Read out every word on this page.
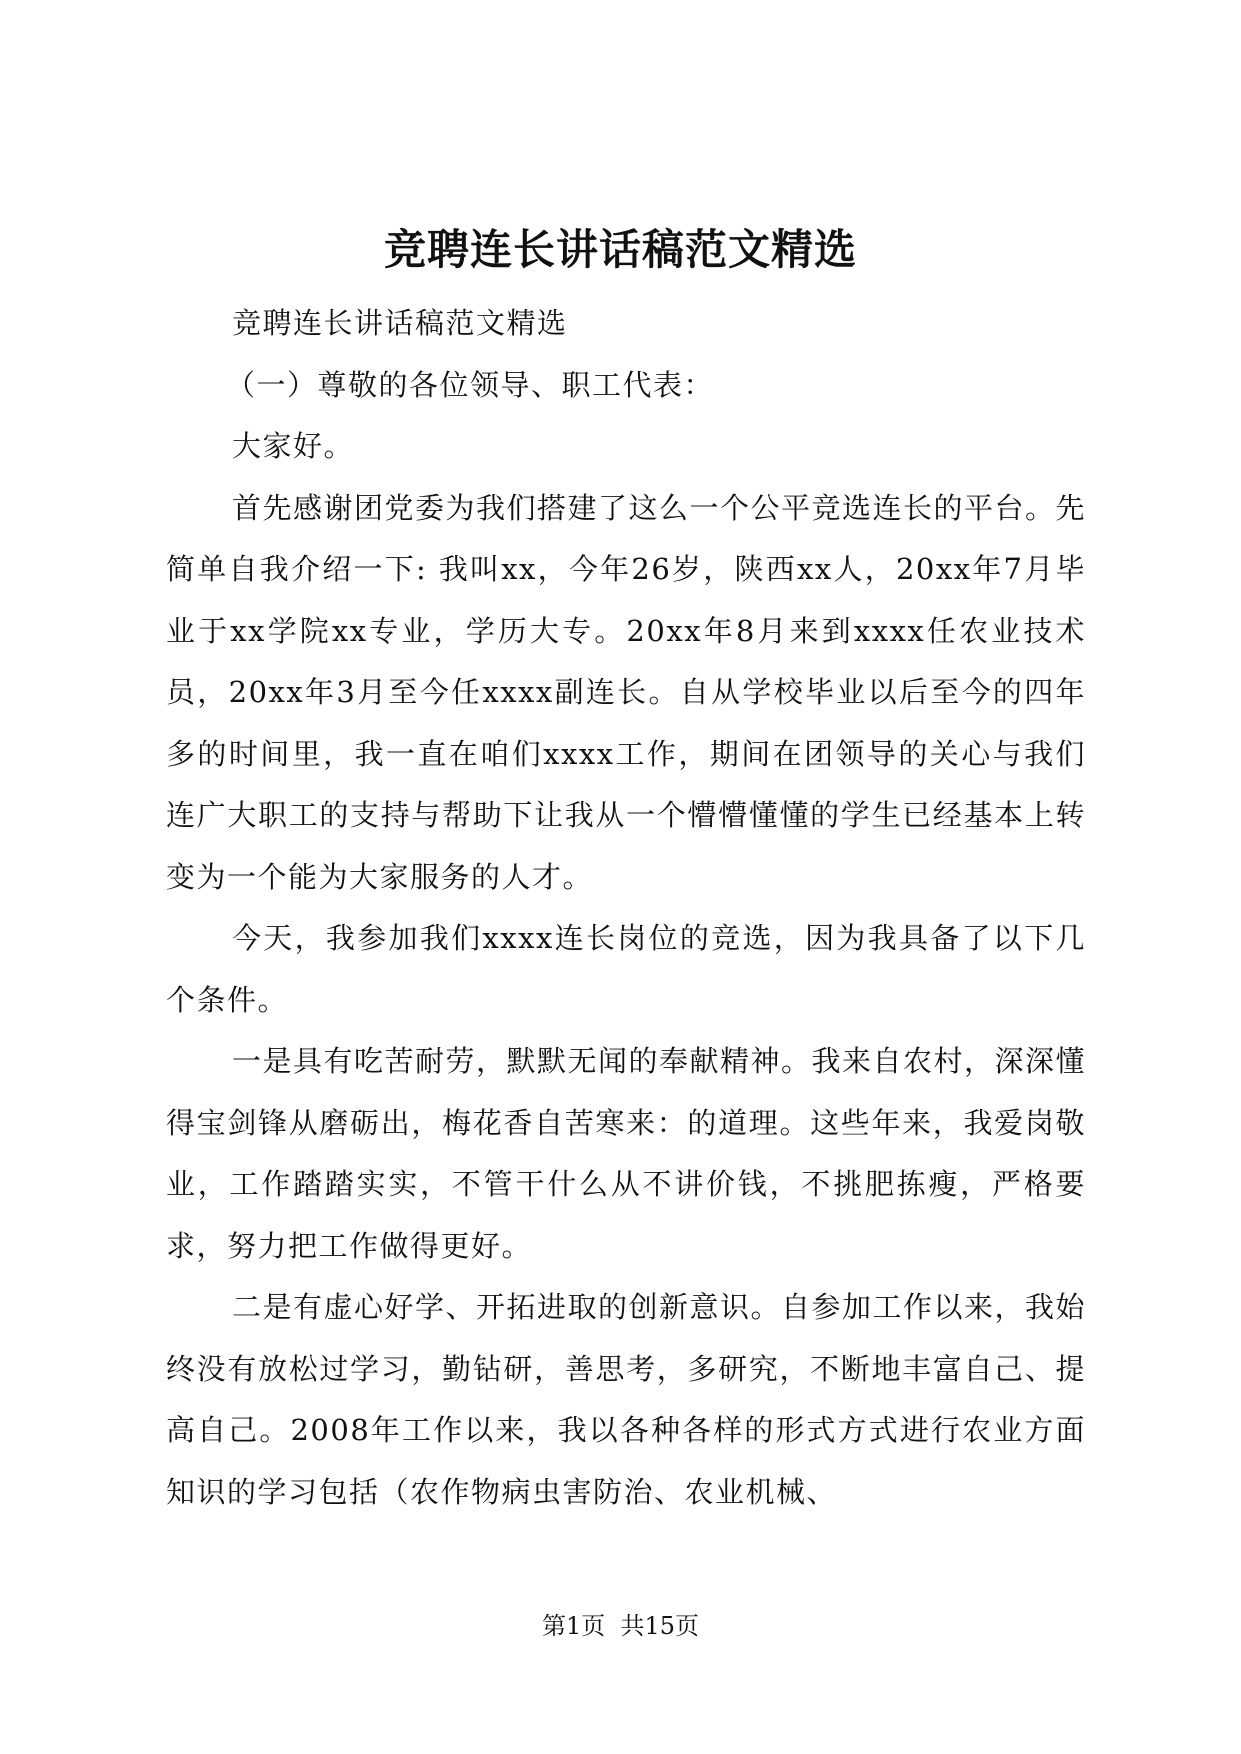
竞聘连长讲话稿范文精选

竞聘连长讲话稿范文精选

（一）尊敬的各位领导、职工代表：

大家好。

首先感谢团党委为我们搭建了这么一个公平竞选连长的平台。先简单自我介绍一下: 我叫xx，今年26岁，陕西xx人，20xx年7月毕业于xx学院xx专业，学历大专。20xx年8月来到xxxx任农业技术员，20xx年3月至今任xxxx副连长。自从学校毕业以后至今的四年多的时间里，我一直在咱们xxxx工作，期间在团领导的关心与我们连广大职工的支持与帮助下让我从一个懵懵懂懂的学生已经基本上转变为一个能为大家服务的人才。

今天，我参加我们xxxx连长岗位的竞选，因为我具备了以下几个条件。

一是具有吃苦耐劳，默默无闻的奉献精神。我来自农村，深深懂得宝剑锋从磨砺出，梅花香自苦寒来：的道理。这些年来，我爱岗敬业，工作踏踏实实，不管干什么从不讲价钱，不挑肥拣瘦，严格要求，努力把工作做得更好。

二是有虚心好学、开拓进取的创新意识。自参加工作以来，我始终没有放松过学习，勤钻研，善思考，多研究，不断地丰富自己、提高自己。2008年工作以来，我以各种各样的形式方式进行农业方面知识的学习包括（农作物病虫害防治、农业机械、

第1页 共15页
